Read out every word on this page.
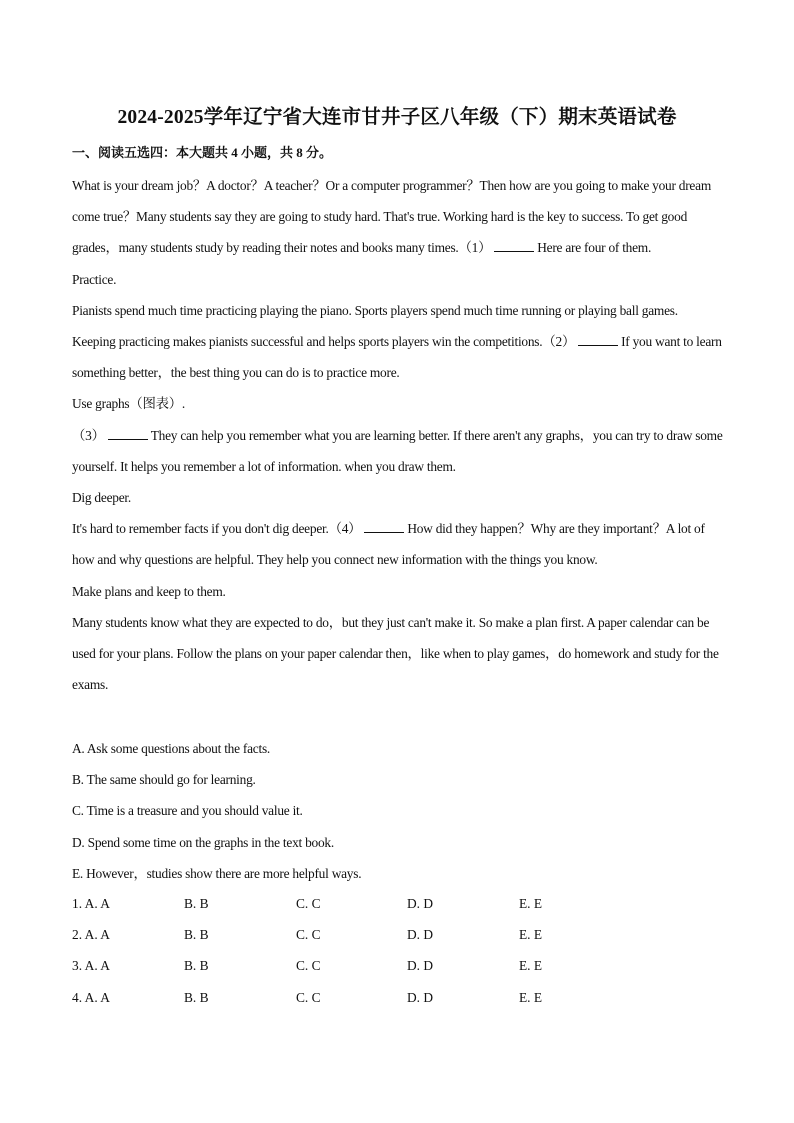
2024-2025学年辽宁省大连市甘井子区八年级（下）期末英语试卷
一、阅读五选四：本大题共 4 小题，共 8 分。

What is your dream job？A doctor？A teacher？Or a computer programmer？Then how are you going to make your dream come true？Many students say they are going to study hard. That's true. Working hard is the key to success. To get good grades，many students study by reading their notes and books many times.（1）	Here are four of them.

Practice.

Pianists spend much time practicing playing the piano. Sports players spend much time running or playing ball games. Keeping practicing makes pianists successful and helps sports players win the competitions.（2）	If you want to learn something better，the best thing you can do is to practice more.

Use graphs（图表）.

（3）	They can help you remember what you are learning better. If there aren't any graphs，you can try to draw some yourself. It helps you remember a lot of information. when you draw them.

Dig deeper.

It's hard to remember facts if you don't dig deeper.（4）	How did they happen？Why are they important？A lot of how and why questions are helpful. They help you connect new information with the things you know.

Make plans and keep to them.

Many students know what they are expected to do，but they just can't make it. So make a plan first. A paper calendar can be used for your plans. Follow the plans on your paper calendar then，like when to play games，do homework and study for the exams.

A. Ask some questions about the facts.

B. The same should go for learning.

C. Time is a treasure and you should value it.

D. Spend some time on the graphs in the text book.

E. However，studies show there are more helpful ways.

1. A. A	B. B	C. C	D. D	E. E
2. A. A	B. B	C. C	D. D	E. E
3. A. A	B. B	C. C	D. D	E. E
4. A. A	B. B	C. C	D. D	E. E
